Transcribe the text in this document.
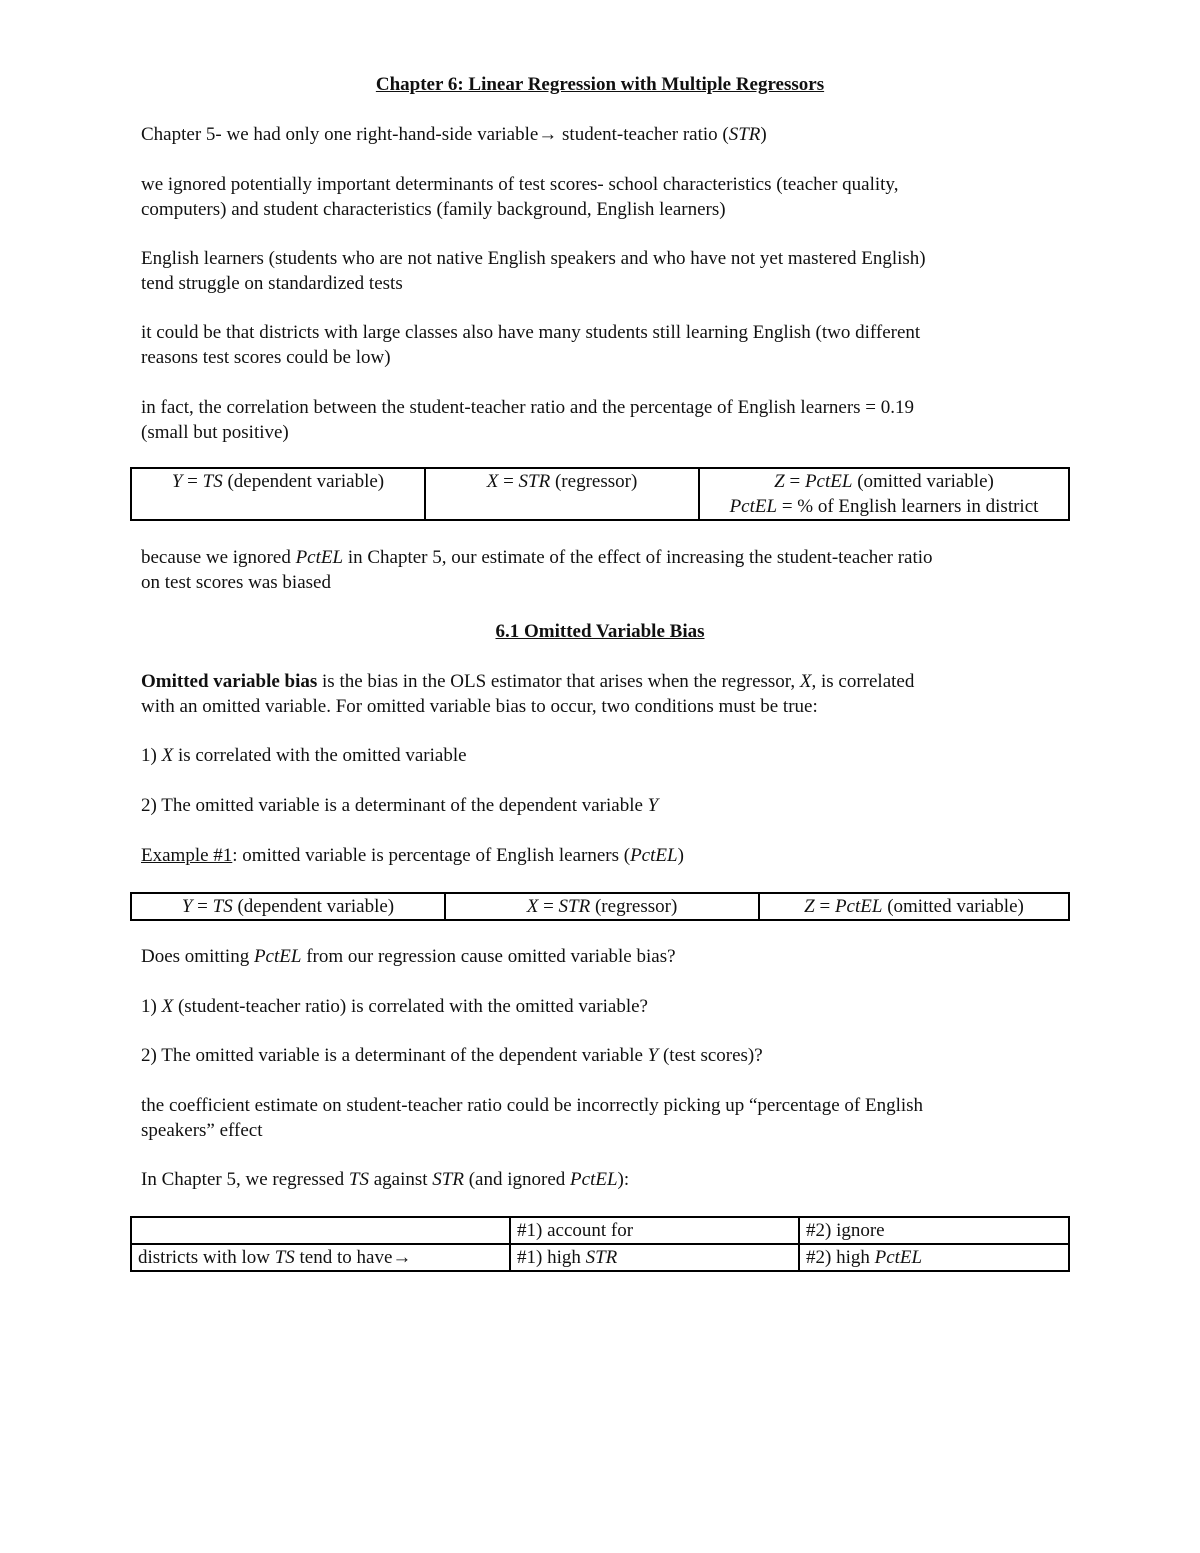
Chapter 6: Linear Regression with Multiple Regressors

Chapter 5- we had only one right-hand-side variable→ student-teacher ratio (STR)

we ignored potentially important determinants of test scores- school characteristics (teacher quality,
computers) and student characteristics (family background, English learners)

English learners (students who are not native English speakers and who have not yet mastered English)
tend struggle on standardized tests

it could be that districts with large classes also have many students still learning English (two different
reasons test scores could be low)

in fact, the correlation between the student-teacher ratio and the percentage of English learners = 0.19
(small but positive)

Y = TS (dependent variable)	X = STR (regressor)	Z = PctEL (omitted variable)
PctEL = % of English learners in district

because we ignored PctEL in Chapter 5, our estimate of the effect of increasing the student-teacher ratio
on test scores was biased

6.1 Omitted Variable Bias

Omitted variable bias is the bias in the OLS estimator that arises when the regressor, X, is correlated
with an omitted variable. For omitted variable bias to occur, two conditions must be true:

1) X is correlated with the omitted variable

2) The omitted variable is a determinant of the dependent variable Y

Example #1: omitted variable is percentage of English learners (PctEL)

Y = TS (dependent variable)	X = STR (regressor)	Z = PctEL (omitted variable)

Does omitting PctEL from our regression cause omitted variable bias?

1) X (student-teacher ratio) is correlated with the omitted variable?

2) The omitted variable is a determinant of the dependent variable Y (test scores)?

the coefficient estimate on student-teacher ratio could be incorrectly picking up “percentage of English
speakers” effect

In Chapter 5, we regressed TS against STR (and ignored PctEL):

	#1) account for	#2) ignore
districts with low TS tend to have→	#1) high STR	#2) high PctEL
